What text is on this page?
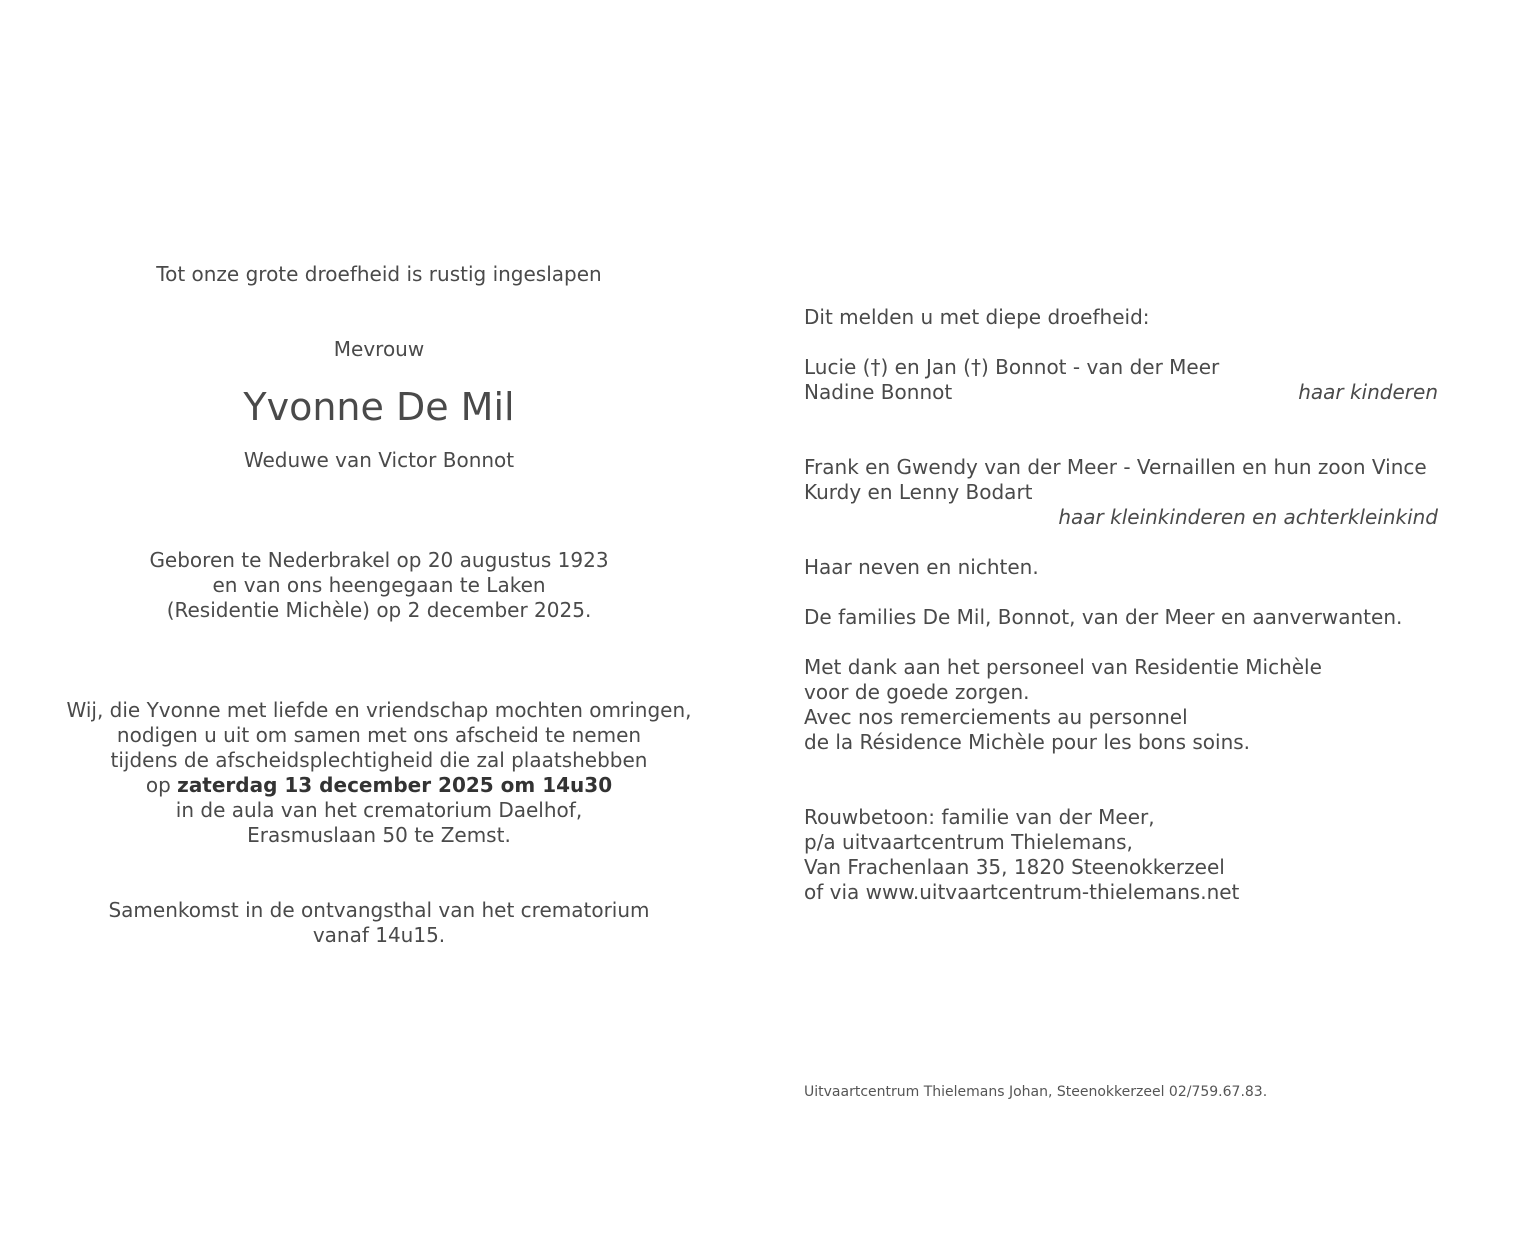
Tot onze grote droefheid is rustig ingeslapen

Mevrouw

Yvonne De Mil

Weduwe van Victor Bonnot

Geboren te Nederbrakel op 20 augustus 1923

en van ons heengegaan te Laken

(Residentie Michèle) op 2 december 2025.

Wij, die Yvonne met liefde en vriendschap mochten omringen,

nodigen u uit om samen met ons afscheid te nemen

tijdens de afscheidsplechtigheid die zal plaatshebben

op zaterdag 13 december 2025 om 14u30

in de aula van het crematorium Daelhof,

Erasmuslaan 50 te Zemst.

Samenkomst in de ontvangsthal van het crematorium

vanaf 14u15.

Dit melden u met diepe droefheid:

Lucie (†) en Jan (†) Bonnot - van der Meer

Nadine Bonnot	haar kinderen

Frank en Gwendy van der Meer - Vernaillen en hun zoon Vince

Kurdy en Lenny Bodart

haar kleinkinderen en achterkleinkind

Haar neven en nichten.

De families De Mil, Bonnot, van der Meer en aanverwanten.

Met dank aan het personeel van Residentie Michèle

voor de goede zorgen.

Avec nos remerciements au personnel

de la Résidence Michèle pour les bons soins.

Rouwbetoon: familie van der Meer,

p/a uitvaartcentrum Thielemans,

Van Frachenlaan 35, 1820 Steenokkerzeel

of via www.uitvaartcentrum-thielemans.net

Uitvaartcentrum Thielemans Johan, Steenokkerzeel 02/759.67.83.
